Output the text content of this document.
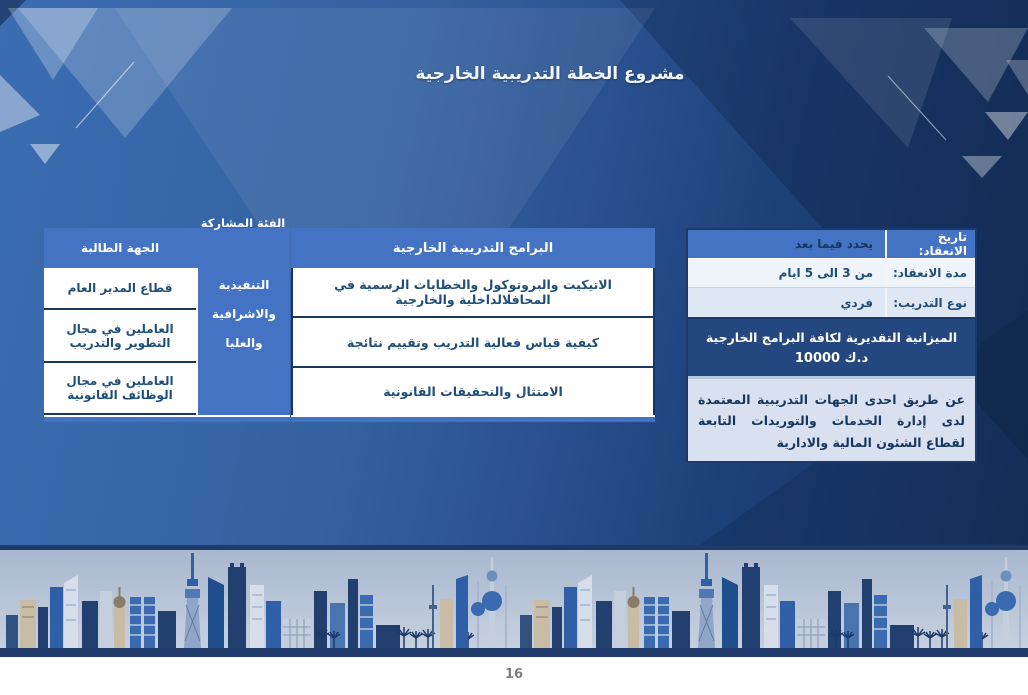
مشروع الخطة التدريبية الخارجية
الجهة الطالبة
الفئة المشاركة
قطاع المدير العام
العاملين في مجال التطوير والتدريب
العاملين في مجال الوظائف القانونية
التنفيذية
والاشرافية
والعليا
البرامج التدريبية الخارجية
الاتيكيت والبروتوكول والخطابات الرسمية في المحافلالداخلية والخارجية
كيفية قياس فعالية التدريب وتقييم نتائجة
الامتثال والتحقيقات القانونية
تاريخ الانعقاد:
يحدد فيما بعد
مدة الانعقاد:
من 3 الى 5 ايام
نوع التدريب:
فردي
الميزانية التقديرية لكافة البرامج الخارجية
10000 د.ك
عن طريق احدى الجهات التدريبية المعتمدة لدى إدارة الخدمات والتوريدات التابعة لقطاع الشئون المالية والادارية
16
